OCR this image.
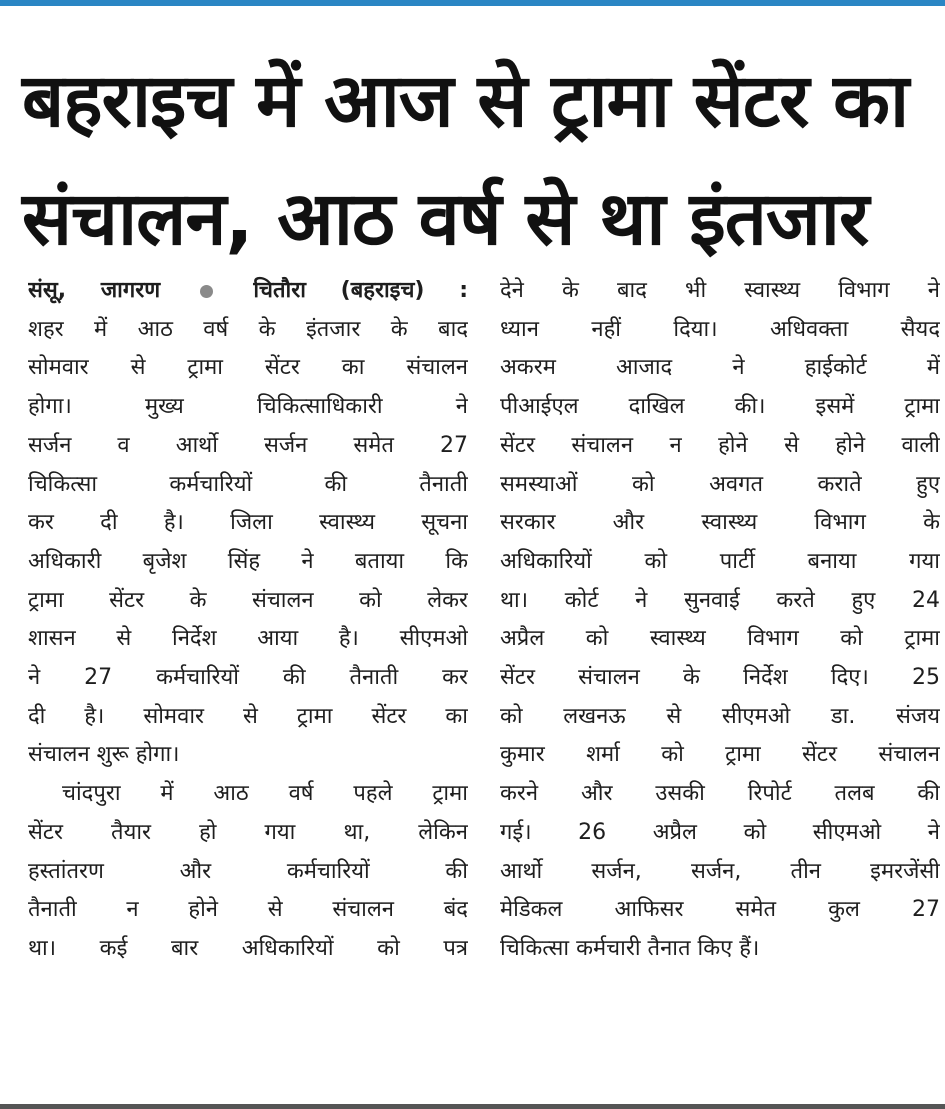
बहराइच में आज से ट्रामा सेंटर का
संचालन, आठ वर्ष से था इंतजार
संसू, जागरण	चितौरा (बहराइच) :
शहर में आठ वर्ष के इंतजार के बाद
सोमवार से ट्रामा सेंटर का संचालन
होगा। मुख्य चिकित्साधिकारी ने
सर्जन व आर्थो सर्जन समेत 27
चिकित्सा कर्मचारियों की तैनाती
कर दी है। जिला स्वास्थ्य सूचना
अधिकारी बृजेश सिंह ने बताया कि
ट्रामा सेंटर के संचालन को लेकर
शासन से निर्देश आया है। सीएमओ
ने 27 कर्मचारियों की तैनाती कर
दी है। सोमवार से ट्रामा सेंटर का
संचालन शुरू होगा।
चांदपुरा में आठ वर्ष पहले ट्रामा
सेंटर तैयार हो गया था, लेकिन
हस्तांतरण और कर्मचारियों की
तैनाती न होने से संचालन बंद
था। कई बार अधिकारियों को पत्र
देने के बाद भी स्वास्थ्य विभाग ने
ध्यान नहीं दिया। अधिवक्ता सैयद
अकरम आजाद ने हाईकोर्ट में
पीआईएल दाखिल की। इसमें ट्रामा
सेंटर संचालन न होने से होने वाली
समस्याओं को अवगत कराते हुए
सरकार और स्वास्थ्य विभाग के
अधिकारियों को पार्टी बनाया गया
था। कोर्ट ने सुनवाई करते हुए 24
अप्रैल को स्वास्थ्य विभाग को ट्रामा
सेंटर संचालन के निर्देश दिए। 25
को लखनऊ से सीएमओ डा. संजय
कुमार शर्मा को ट्रामा सेंटर संचालन
करने और उसकी रिपोर्ट तलब की
गई। 26 अप्रैल को सीएमओ ने
आर्थो सर्जन, सर्जन, तीन इमरजेंसी
मेडिकल आफिसर समेत कुल 27
चिकित्सा कर्मचारी तैनात किए हैं।
